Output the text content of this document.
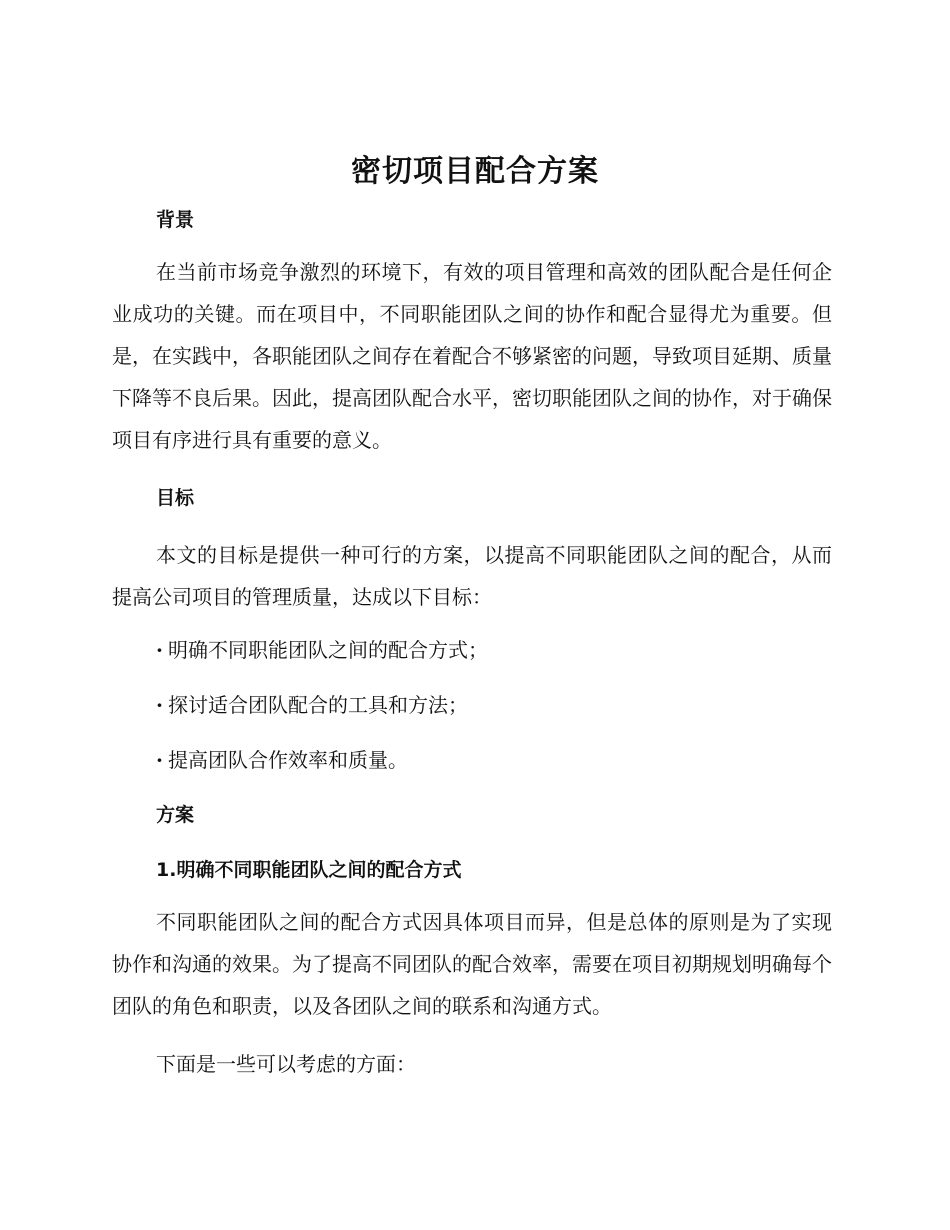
密切项目配合方案
背景

在当前市场竞争激烈的环境下，有效的项目管理和高效的团队配合是任何企业成功的关键。而在项目中，不同职能团队之间的协作和配合显得尤为重要。但是，在实践中，各职能团队之间存在着配合不够紧密的问题，导致项目延期、质量下降等不良后果。因此，提高团队配合水平，密切职能团队之间的协作，对于确保项目有序进行具有重要的意义。

目标

本文的目标是提供一种可行的方案，以提高不同职能团队之间的配合，从而提高公司项目的管理质量，达成以下目标：

· 明确不同职能团队之间的配合方式；
· 探讨适合团队配合的工具和方法；
· 提高团队合作效率和质量。
方案
1.明确不同职能团队之间的配合方式

不同职能团队之间的配合方式因具体项目而异，但是总体的原则是为了实现协作和沟通的效果。为了提高不同团队的配合效率，需要在项目初期规划明确每个团队的角色和职责，以及各团队之间的联系和沟通方式。

下面是一些可以考虑的方面：
